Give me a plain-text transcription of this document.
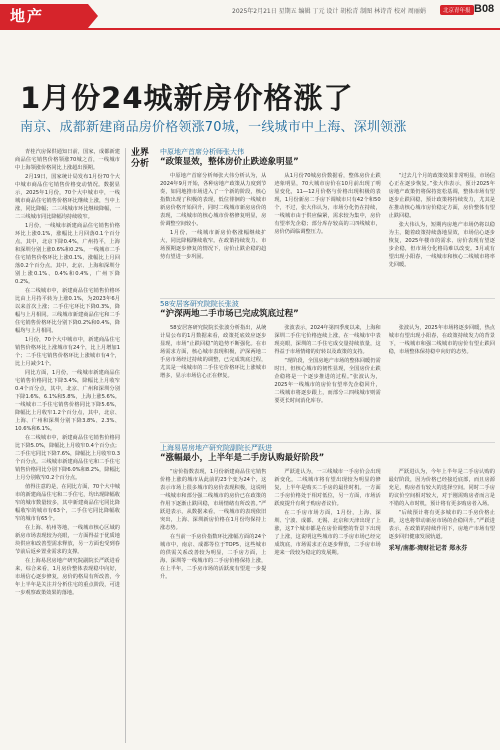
地产	2025年2月21日 星期五 编辑 丁元 设计 胡松青 制图 林诗青 校对 周丽娟	北京青年报 B08
1月份24城新房价格涨了
南京、成都新建商品房价格领涨70城，一线城市中上海、深圳领涨

青桂汽房保供通知日前，国家，成都新建商品住宅销售价格领涨70城之首，一线城市中上海领涨价格同比上涨超出预期。

2月19日，国家统计局发布1月份70个大中城市商品住宅销售价格变动情况。数据显示，2025年1月份，70个大中城市中，一线城市商品住宅销售价格环比继续上涨，当中上涨，同比降幅；二三线城市环比继续降幅，一二三线城市同比降幅均持续收窄。

1月份，一线城市新建商品住宅销售价格环比上涨0.1%，涨幅比上月回落0.1个百分点。其中，北京下降0.4%，广州持平，上海和深圳分别上涨0.6%和0.2%。一线城市二手住宅销售价格环比上涨0.1%，涨幅比上月回落0.2个百分点。其中，北京、上海和深圳分别上涨0.1%、0.4%和0.4%，广州下降0.2%。

在二线城市中，新建商品住宅销售价格环比由上月持平转为上涨0.1%，为2023年6月以来首次上涨；二手住宅环比下降0.3%，降幅与上月相同。三线城市新建商品住宅和二手住宅销售价格环比分别下降0.2%和0.4%，降幅均与上月相同。

1月份，70个大中城市中，新建商品住宅销售价格环比上涨城市有24个，比上月增加1个；二手住宅销售价格环比上涨城市有4个，比上月减少1个。

同比方面，1月份，一线城市新建商品住宅销售价格同比下降3.4%，降幅比上月收窄0.4个百分点，其中，北京、广州和深圳分别下降1.6%、6.1%和5.8%，上海上涨5.6%。一线城市二手住宅销售价格同比下降5.6%，降幅比上月收窄1.2个百分点，其中，北京、上海、广州和深圳分别下降3.8%、2.3%、10.6%和6.1%。

在二线城市中，新建商品住宅销售价格同比下降5.0%，降幅比上月收窄0.4个百分点；二手住宅同比下降7.6%，降幅比上月收窄0.3个百分点。三线城市新建商品住宅和二手住宅销售价格同比分别下降6.0%和8.2%，降幅比上月分别收窄0.2个百分点。

值得注意的是，在同比方面，70个大中城市的新建商品住宅和二手住宅，均出现降幅收窄的城市数量较多，其中新建商品住宅同比降幅收窄的城市有63个，二手住宅同比降幅收窄的城市有65个。

在上海、杭州等地，一线城市核心区域的新房市场表现较为亮眼，一方面得益于优质地块供应和改善型需求释放，另一方面也受到春节前后返乡置业需求的支撑。

在上海易居房地产研究院副院长严跃进看来，综合来看，1月房价整体表现稳中向好，市场信心逐步修复，房价的格局有所改善，今年上半年是关注并分析住宅的重点阶段，可进一步观察政策效果的落地。

业界分析
中原地产首席分析师张大伟
“政策显效，整体房价止跌迹象明显”

中原地产首席分析师张大伟分析认为，从2024年9月开始，各种房地产政策从力度到节奏，如同地推市场进入了一个新的阶段，核心指数出现了积极的表现，低位徘徊的一线城市新房价格开始回升，同时二线城市新房房价的表现，二线城市的核心城市价格修复明显，房价调整空间较小。

1月份，一线城市新房价格涨幅继续扩大，同比降幅继续收窄。在政策持续发力、市场预期逐步修复的情况下，房价止跌企稳的趋势有望进一步巩固。

从1月份70城房价数据看，整体房价止跌迹象明显，70大城市房价在10月前出现了明显变化，11—12月价格与价格出现积极的表现，1月份新房二手房下调城市只有42个和50个，不过，张大伟认为，市场分化仍在持续，一线城市由于供应偏紧，需求较为集中，房价有望率先企稳；部分库存较高的三四线城市，房价仍面临调整压力。

“过去几个月的政策效果非常明显，市场信心正在逐步恢复。”张大伟表示，预计2025年房地产政策仍将保持宽松基调，整体市场有望逐步止跌回稳，预计政策将持续发力，尤其是在推动核心城市房价稳定方面，房价整体有望止跌回稳。

张大伟认为，短期内房地产市场仍将以稳为主，随着政策持续落地显效，市场信心逐步恢复，2025年楼市的需求、房价表现有望逐步企稳，但市场分化格局难以改变。3月或有望出现小阳春，一线城市和核心二线城市将率先回暖。

58安居客研究院院长张波
“沪深两地二手市场已完成筑底过程”

58安居客研究院院长张波分析指出，从统计局公布的1月数据来看，政策托底效应逐步显现，市场“止跌回稳”的趋势不断强化。在市场需求方面，核心城市表现积极，沪深两地二手房市场经过持续的调整，已完成筑底过程，尤其是一线城市的二手住宅价格环比上涨城市增多，显示市场信心正在修复。

张波表示，2024年第四季度以来，上海和深圳二手住宅价格连续上涨，在一线城市中表现亮眼，深圳的二手住宅成交量持续放量，这得益于市场情绪的好转以及政策的支持。

“现阶段，全国房地产市场的整体回暖仍需时日，但核心城市的韧性显现，全国房价止跌企稳将是一个逐步推进的过程。”张波认为，2025年一线城市的房价有望率先企稳回升，二线城市将逐步跟上，而部分三四线城市则需要更长时间消化库存。

张波认为，2025年市场将逐步回暖，热点城市有望出现小阳春，在政策持续发力的背景下，一线城市和强二线城市的房价有望止跌回稳，市场整体保持稳中向好的态势。

上海易居房地产研究院副院长严跃进
“涨幅最小，上半年是二手房认购最好阶段”

“房价指数表现，1月份新建商品住宅销售价格上涨的城市从此前的23个变为24个，这表示市场上很多城市的房价表现积极，这说明一线城市和部分强二线城市的房价已在政策的作用下逐渐止跌回稳，市场情绪有所改善。”严跃进表示，从数据来看，一线城市的表现依旧突出，上海、深圳新房价格在1月份均保持上涨态势。

在当前一手房价指数环比涨幅方面的24个城市中，南京、成都等位于TOP5，这些城市的供需关系改善较为明显，二手房方面，上海、深圳等一线城市的二手房价格保持上涨，在上半年，二手房市场的活跃度有望进一步提升。

严跃进认为，一三线城市一手房价会出现新变化，二线城市将有望出现较为明显的修复，上半年是购买二手房的最佳时机。一方面二手房价格处于相对低位，另一方面，市场活跃度提升有利于购房者议价。

在二手房市场方面，1月份，上海、深圳、宁波、成都、无锡、北京和天津出现了上涨，这7个城市都是在房价调整的背景下出现了上涨，这说明这些城市的二手房市场已经完成筑底，市场需求正在逐步释放，二手房市场迎来一段较为稳定的发展期。

严跃进认为，今年上半年是二手房认购的最好阶段，因为价格已经接近底部，而且房源充足，购房者有较大的选择空间。同时二手房的议价空间相对较大，对于刚需购房者而言是不错的入市时机，预计将有更多购房者入场。

“后续预计将有更多城市的二手房价格止跌，这也将带动新房市场的企稳回升。”严跃进表示，在政策的持续作用下，房地产市场有望逐步回归健康发展轨道。

采写/南都·湾财社记者 郑永芬
